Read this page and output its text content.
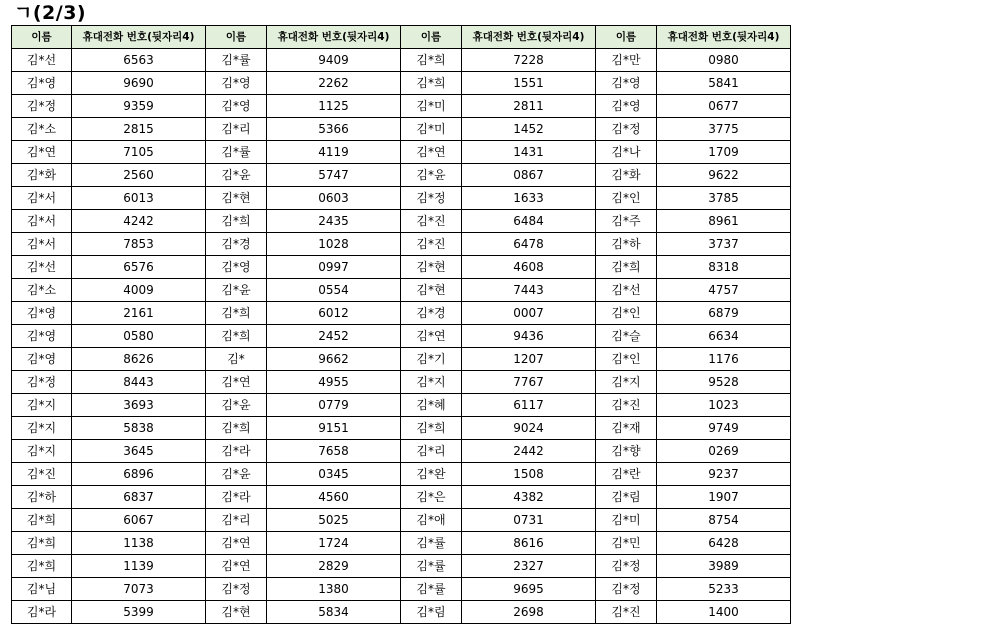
ㄱ(2/3)
이름	휴대전화 번호(뒷자리4)	이름	휴대전화 번호(뒷자리4)	이름	휴대전화 번호(뒷자리4)	이름	휴대전화 번호(뒷자리4)
김*선	6563	김*률	9409	김*희	7228	김*만	0980
김*영	9690	김*영	2262	김*희	1551	김*영	5841
김*정	9359	김*영	1125	김*미	2811	김*영	0677
김*소	2815	김*리	5366	김*미	1452	김*정	3775
김*연	7105	김*률	4119	김*연	1431	김*나	1709
김*화	2560	김*윤	5747	김*윤	0867	김*화	9622
김*서	6013	김*현	0603	김*정	1633	김*인	3785
김*서	4242	김*희	2435	김*진	6484	김*주	8961
김*서	7853	김*경	1028	김*진	6478	김*하	3737
김*선	6576	김*영	0997	김*현	4608	김*희	8318
김*소	4009	김*윤	0554	김*현	7443	김*선	4757
김*영	2161	김*희	6012	김*경	0007	김*인	6879
김*영	0580	김*희	2452	김*연	9436	김*슬	6634
김*영	8626	김*	9662	김*기	1207	김*인	1176
김*정	8443	김*연	4955	김*지	7767	김*지	9528
김*지	3693	김*윤	0779	김*혜	6117	김*진	1023
김*지	5838	김*희	9151	김*희	9024	김*재	9749
김*지	3645	김*라	7658	김*리	2442	김*향	0269
김*진	6896	김*윤	0345	김*완	1508	김*란	9237
김*하	6837	김*라	4560	김*은	4382	김*림	1907
김*희	6067	김*리	5025	김*애	0731	김*미	8754
김*희	1138	김*연	1724	김*률	8616	김*민	6428
김*희	1139	김*연	2829	김*률	2327	김*정	3989
김*님	7073	김*정	1380	김*률	9695	김*정	5233
김*라	5399	김*현	5834	김*림	2698	김*진	1400
